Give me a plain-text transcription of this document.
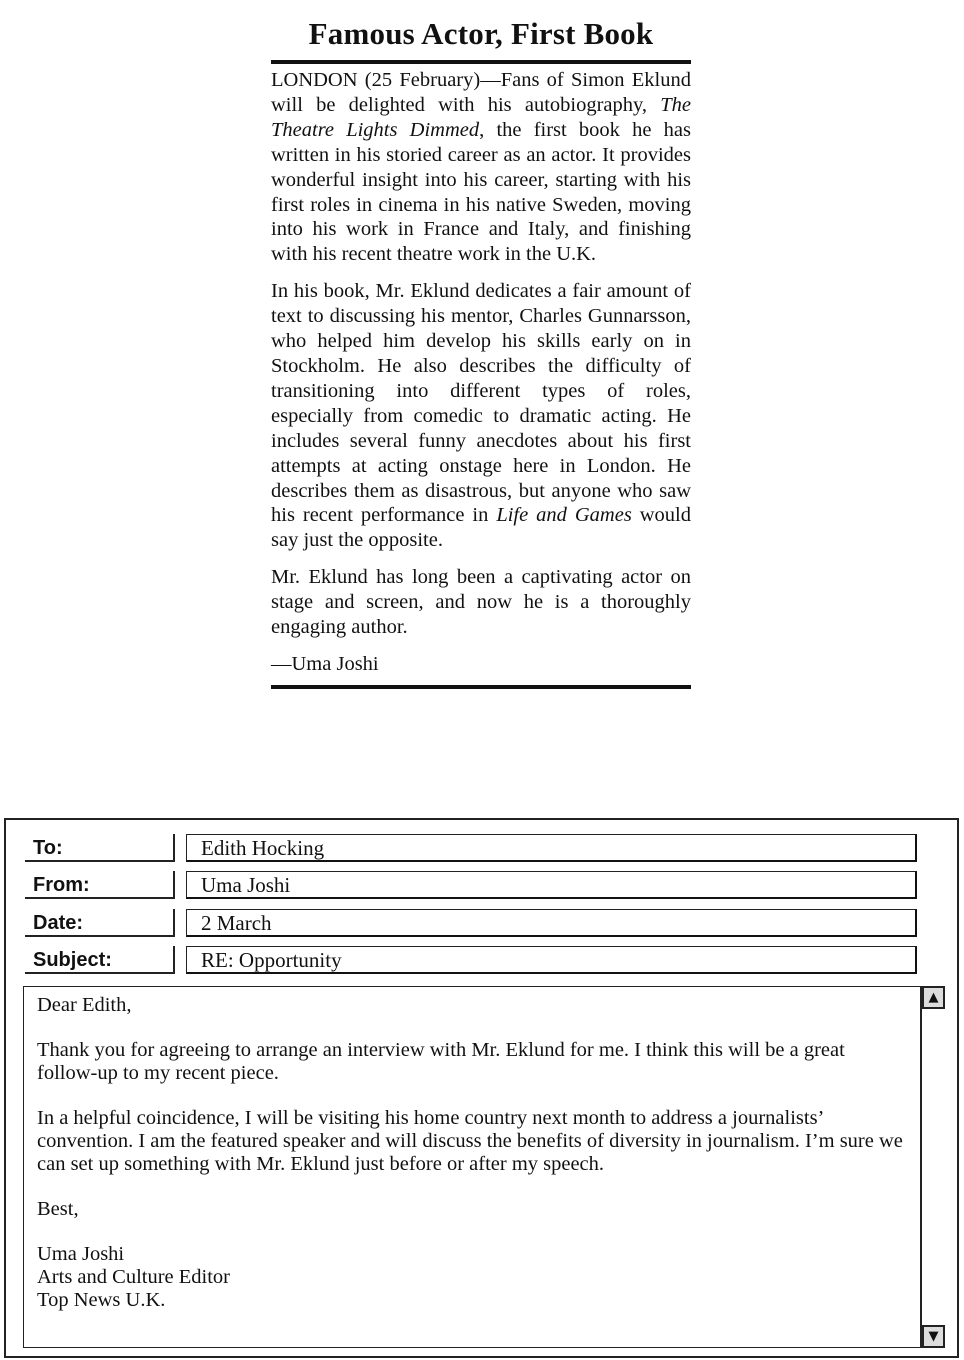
Famous Actor, First Book

LONDON (25 February)—Fans of Simon Eklund will be delighted with his autobiography, The Theatre Lights Dimmed, the first book he has written in his storied career as an actor. It provides wonderful insight into his career, starting with his first roles in cinema in his native Sweden, moving into his work in France and Italy, and finishing with his recent theatre work in the U.K.

In his book, Mr. Eklund dedicates a fair amount of text to discussing his mentor, Charles Gunnarsson, who helped him develop his skills early on in Stockholm. He also describes the difficulty of transitioning into different types of roles, especially from comedic to dramatic acting. He includes several funny anecdotes about his first attempts at acting onstage here in London. He describes them as disastrous, but anyone who saw his recent performance in Life and Games would say just the opposite.

Mr. Eklund has long been a captivating actor on stage and screen, and now he is a thoroughly engaging author.

—Uma Joshi
To:	Edith Hocking
From:	Uma Joshi
Date:	2 March
Subject:	RE: Opportunity

Dear Edith,

Thank you for agreeing to arrange an interview with Mr. Eklund for me. I think this will be a great follow-up to my recent piece.

In a helpful coincidence, I will be visiting his home country next month to address a journalists’ convention. I am the featured speaker and will discuss the benefits of diversity in journalism. I’m sure we can set up something with Mr. Eklund just before or after my speech.

Best,

Uma Joshi

Arts and Culture Editor

Top News U.K.

▲
▼
